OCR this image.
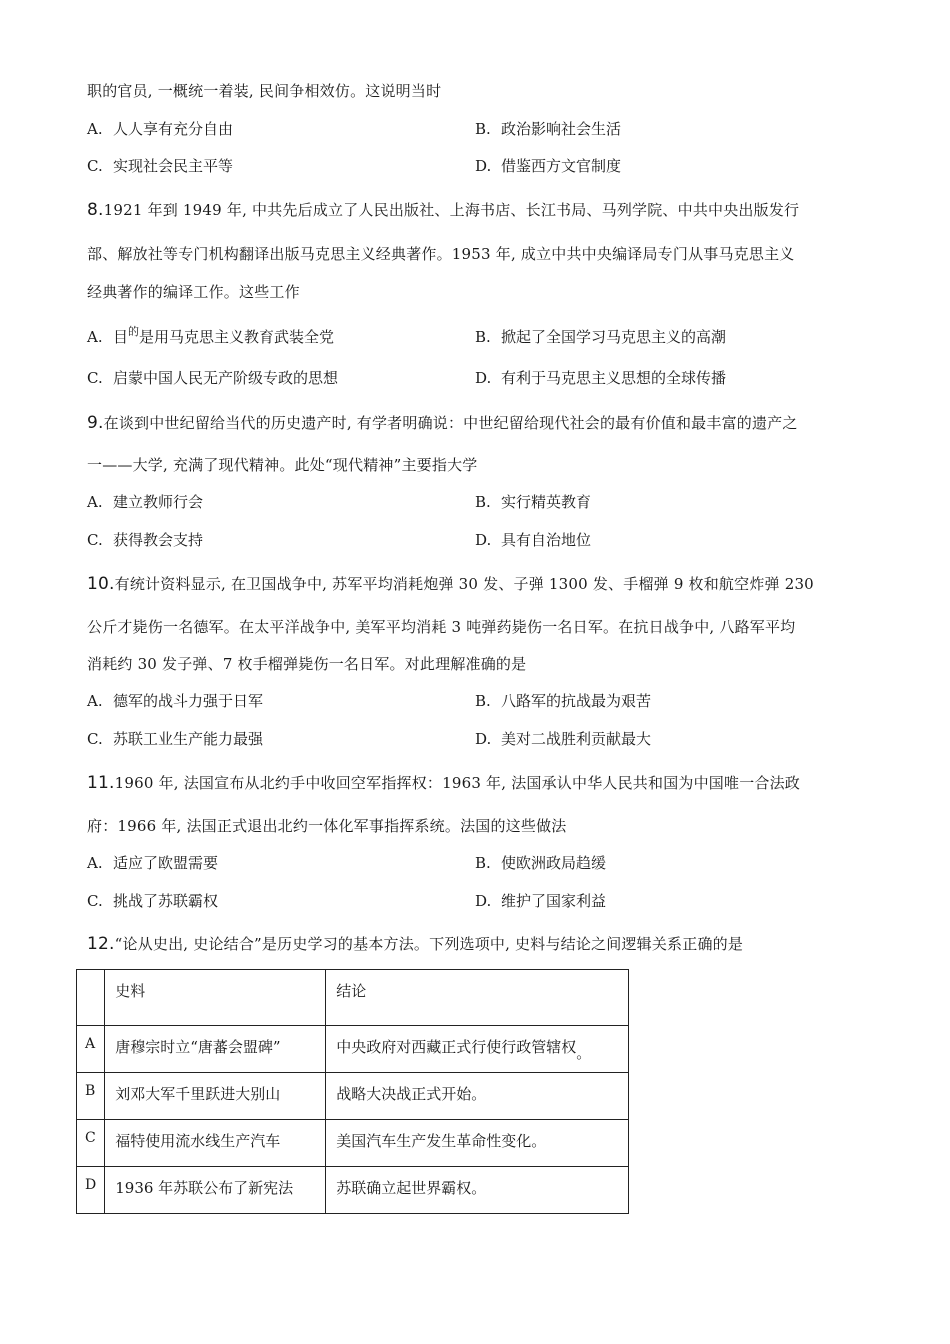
职的官员, 一概统一着装, 民间争相效仿。这说明当时
A. 人人享有充分自由	B. 政治影响社会生活
C. 实现社会民主平等	D. 借鉴西方文官制度
8.1921 年到 1949 年, 中共先后成立了人民出版社、上海书店、长江书局、马列学院、中共中央出版发行
部、解放社等专门机构翻译出版马克思主义经典著作。1953 年, 成立中共中央编译局专门从事马克思主义
经典著作的编译工作。这些工作
A. 目$^的$是用马克思主义教育武装全党	B. 掀起了全国学习马克思主义的高潮
C. 启蒙中国人民无产阶级专政的思想	D. 有利于马克思主义思想的全球传播
9.在谈到中世纪留给当代的历史遗产时, 有学者明确说：中世纪留给现代社会的最有价值和最丰富的遗产之
一——大学, 充满了现代精神。此处“现代精神”主要指大学
A. 建立教师行会	B. 实行精英教育
C. 获得教会支持	D. 具有自治地位
10.有统计资料显示, 在卫国战争中, 苏军平均消耗炮弹 30 发、子弹 1300 发、手榴弹 9 枚和航空炸弹 230
公斤才毙伤一名德军。在太平洋战争中, 美军平均消耗 3 吨弹药毙伤一名日军。在抗日战争中, 八路军平均
消耗约 30 发子弹、7 枚手榴弹毙伤一名日军。对此理解准确的是
A. 德军的战斗力强于日军	B. 八路军的抗战最为艰苦
C. 苏联工业生产能力最强	D. 美对二战胜利贡献最大
11.1960 年, 法国宣布从北约手中收回空军指挥权：1963 年, 法国承认中华人民共和国为中国唯一合法政
府：1966 年, 法国正式退出北约一体化军事指挥系统。法国的这些做法
A. 适应了欧盟需要	B. 使欧洲政局趋缓
C. 挑战了苏联霸权	D. 维护了国家利益
12.“论从史出, 史论结合”是历史学习的基本方法。下列选项中, 史料与结论之间逻辑关系正确的是
	史料	结论
A	唐穆宗时立“唐蕃会盟碑”	中央政府对西藏正式行使行政管辖权。
B	刘邓大军千里跃进大别山	战略大决战正式开始。
C	福特使用流水线生产汽车	美国汽车生产发生革命性变化。
D	1936 年苏联公布了新宪法	苏联确立起世界霸权。
